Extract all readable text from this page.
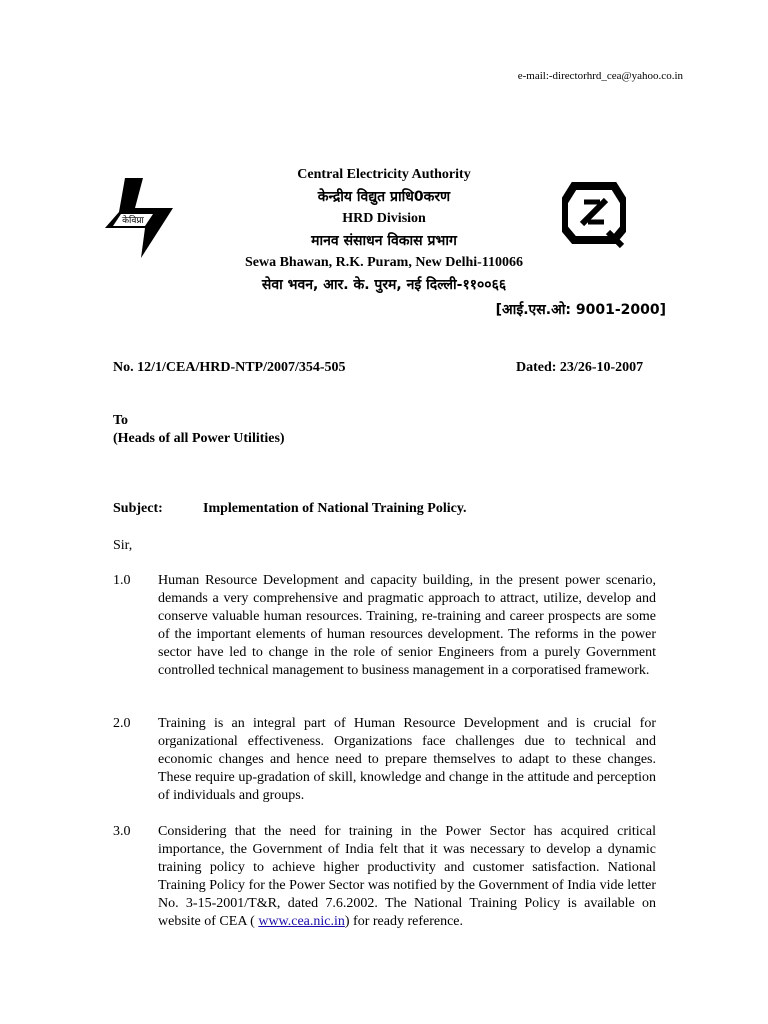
e-mail:-directorhrd_cea@yahoo.co.in
केविप्रा
Central Electricity Authority
केन्द्रीय विद्युत प्राधि0करण
HRD Division
मानव संसाधन विकास प्रभाग
Sewa Bhawan, R.K. Puram, New Delhi-110066
सेवा भवन, आर. के. पुरम, नई दिल्ली-११००६६
[आई.एस.ओ: 9001-2000]
No. 12/1/CEA/HRD-NTP/2007/354-505	Dated: 23/26-10-2007
To
(Heads of all Power Utilities)
Subject:	Implementation of National Training Policy.
Sir,
1.0 Human Resource Development and capacity building, in the present power scenario, demands a very comprehensive and pragmatic approach to attract, utilize, develop and conserve valuable human resources. Training, re-training and career prospects are some of the important elements of human resources development. The reforms in the power sector have led to change in the role of senior Engineers from a purely Government controlled technical management to business management in a corporatised framework.
2.0 Training is an integral part of Human Resource Development and is crucial for organizational effectiveness. Organizations face challenges due to technical and economic changes and hence need to prepare themselves to adapt to these changes. These require up-gradation of skill, knowledge and change in the attitude and perception of individuals and groups.
3.0 Considering that the need for training in the Power Sector has acquired critical importance, the Government of India felt that it was necessary to develop a dynamic training policy to achieve higher productivity and customer satisfaction. National Training Policy for the Power Sector was notified by the Government of India vide letter No. 3-15-2001/T&R, dated 7.6.2002. The National Training Policy is available on website of CEA ( www.cea.nic.in) for ready reference.
